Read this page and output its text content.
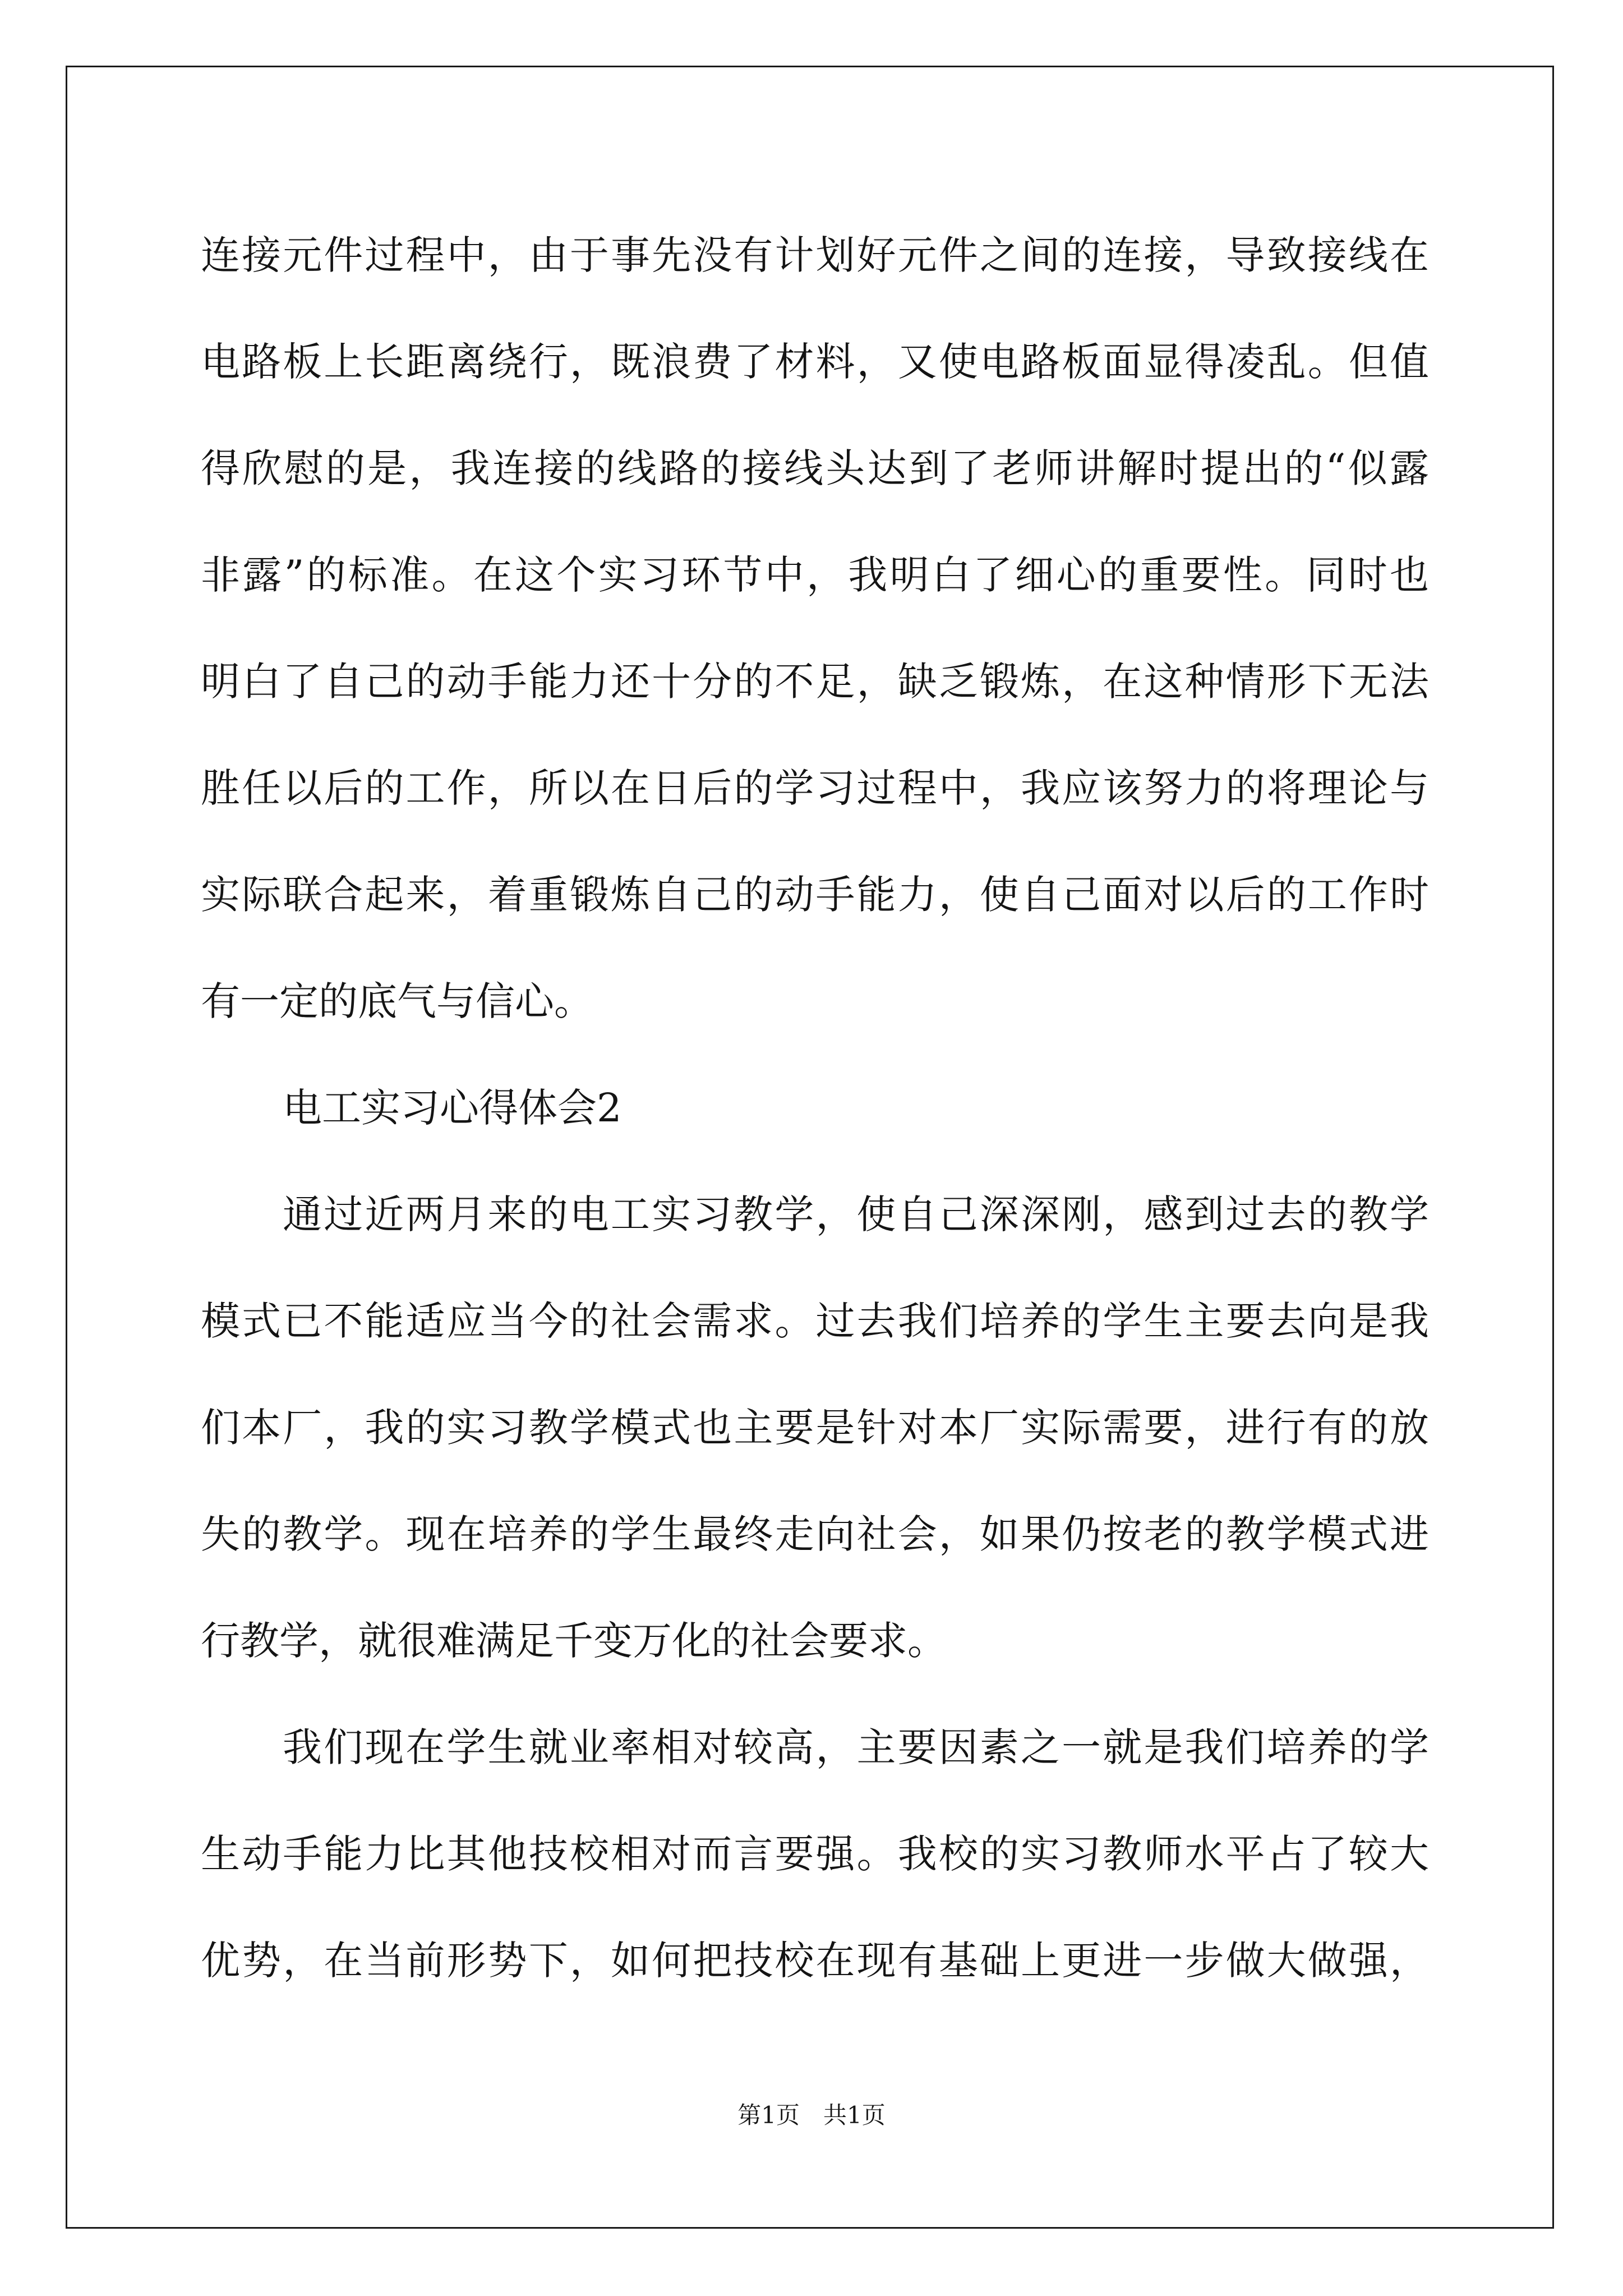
连接元件过程中，由于事先没有计划好元件之间的连接，导致接线在
电路板上长距离绕行，既浪费了材料，又使电路板面显得凌乱。但值
得欣慰的是，我连接的线路的接线头达到了老师讲解时提出的“似露
非露”的标准。在这个实习环节中，我明白了细心的重要性。同时也
明白了自己的动手能力还十分的不足，缺乏锻炼，在这种情形下无法
胜任以后的工作，所以在日后的学习过程中，我应该努力的将理论与
实际联合起来，着重锻炼自己的动手能力，使自己面对以后的工作时
有一定的底气与信心。
电工实习心得体会2
通过近两月来的电工实习教学，使自己深深刚，感到过去的教学
模式已不能适应当今的社会需求。过去我们培养的学生主要去向是我
们本厂，我的实习教学模式也主要是针对本厂实际需要，进行有的放
失的教学。现在培养的学生最终走向社会，如果仍按老的教学模式进
行教学，就很难满足千变万化的社会要求。
我们现在学生就业率相对较高，主要因素之一就是我们培养的学
生动手能力比其他技校相对而言要强。我校的实习教师水平占了较大
优势，在当前形势下，如何把技校在现有基础上更进一步做大做强，
第1页　共1页
